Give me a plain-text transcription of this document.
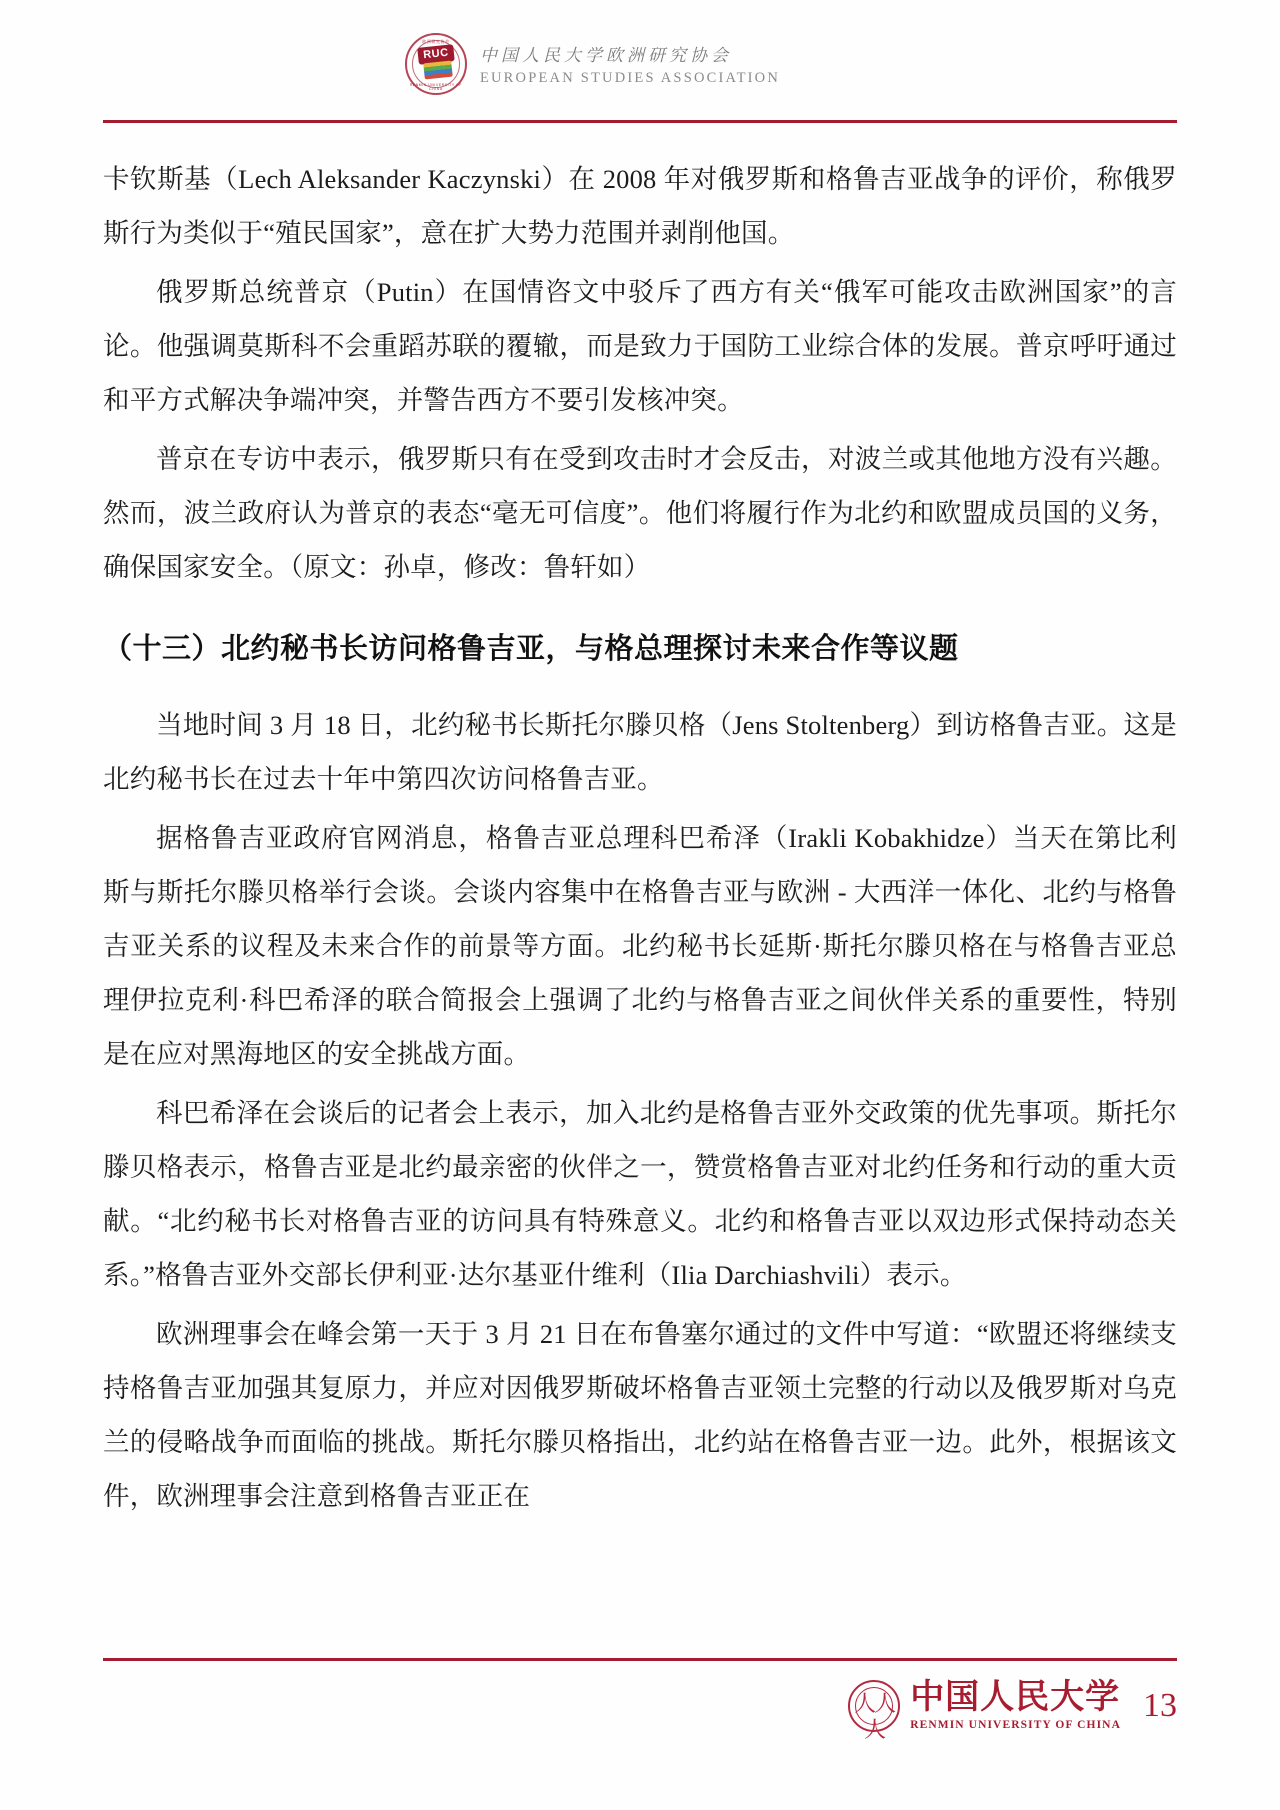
欧洲研究协会
RUC
RENMIN UNIVERSITY OF CHINA
中国人民大学欧洲研究协会
EUROPEAN STUDIES ASSOCIATION

卡钦斯基（Lech Aleksander Kaczynski）在 2008 年对俄罗斯和格鲁吉亚战争的评价，称俄罗斯行为类似于“殖民国家”，意在扩大势力范围并剥削他国。

俄罗斯总统普京（Putin）在国情咨文中驳斥了西方有关“俄军可能攻击欧洲国家”的言论。他强调莫斯科不会重蹈苏联的覆辙，而是致力于国防工业综合体的发展。普京呼吁通过和平方式解决争端冲突，并警告西方不要引发核冲突。

普京在专访中表示，俄罗斯只有在受到攻击时才会反击，对波兰或其他地方没有兴趣。然而，波兰政府认为普京的表态“毫无可信度”。他们将履行作为北约和欧盟成员国的义务，确保国家安全。（原文：孙卓，修改：鲁轩如）

（十三）北约秘书长访问格鲁吉亚，与格总理探讨未来合作等议题

当地时间 3 月 18 日，北约秘书长斯托尔滕贝格（Jens Stoltenberg）到访格鲁吉亚。这是北约秘书长在过去十年中第四次访问格鲁吉亚。

据格鲁吉亚政府官网消息，格鲁吉亚总理科巴希泽（Irakli Kobakhidze）当天在第比利斯与斯托尔滕贝格举行会谈。会谈内容集中在格鲁吉亚与欧洲 - 大西洋一体化、北约与格鲁吉亚关系的议程及未来合作的前景等方面。北约秘书长延斯·斯托尔滕贝格在与格鲁吉亚总理伊拉克利·科巴希泽的联合简报会上强调了北约与格鲁吉亚之间伙伴关系的重要性，特别是在应对黑海地区的安全挑战方面。

科巴希泽在会谈后的记者会上表示，加入北约是格鲁吉亚外交政策的优先事项。斯托尔滕贝格表示，格鲁吉亚是北约最亲密的伙伴之一，赞赏格鲁吉亚对北约任务和行动的重大贡献。“北约秘书长对格鲁吉亚的访问具有特殊意义。北约和格鲁吉亚以双边形式保持动态关系。”格鲁吉亚外交部长伊利亚·达尔基亚什维利（Ilia Darchiashvili）表示。

欧洲理事会在峰会第一天于 3 月 21 日在布鲁塞尔通过的文件中写道：“欧盟还将继续支持格鲁吉亚加强其复原力，并应对因俄罗斯破坏格鲁吉亚领土完整的行动以及俄罗斯对乌克兰的侵略战争而面临的挑战。斯托尔滕贝格指出，北约站在格鲁吉亚一边。此外，根据该文件，欧洲理事会注意到格鲁吉亚正在

人人人
中国人民大学
RENMIN UNIVERSITY OF CHINA
13
